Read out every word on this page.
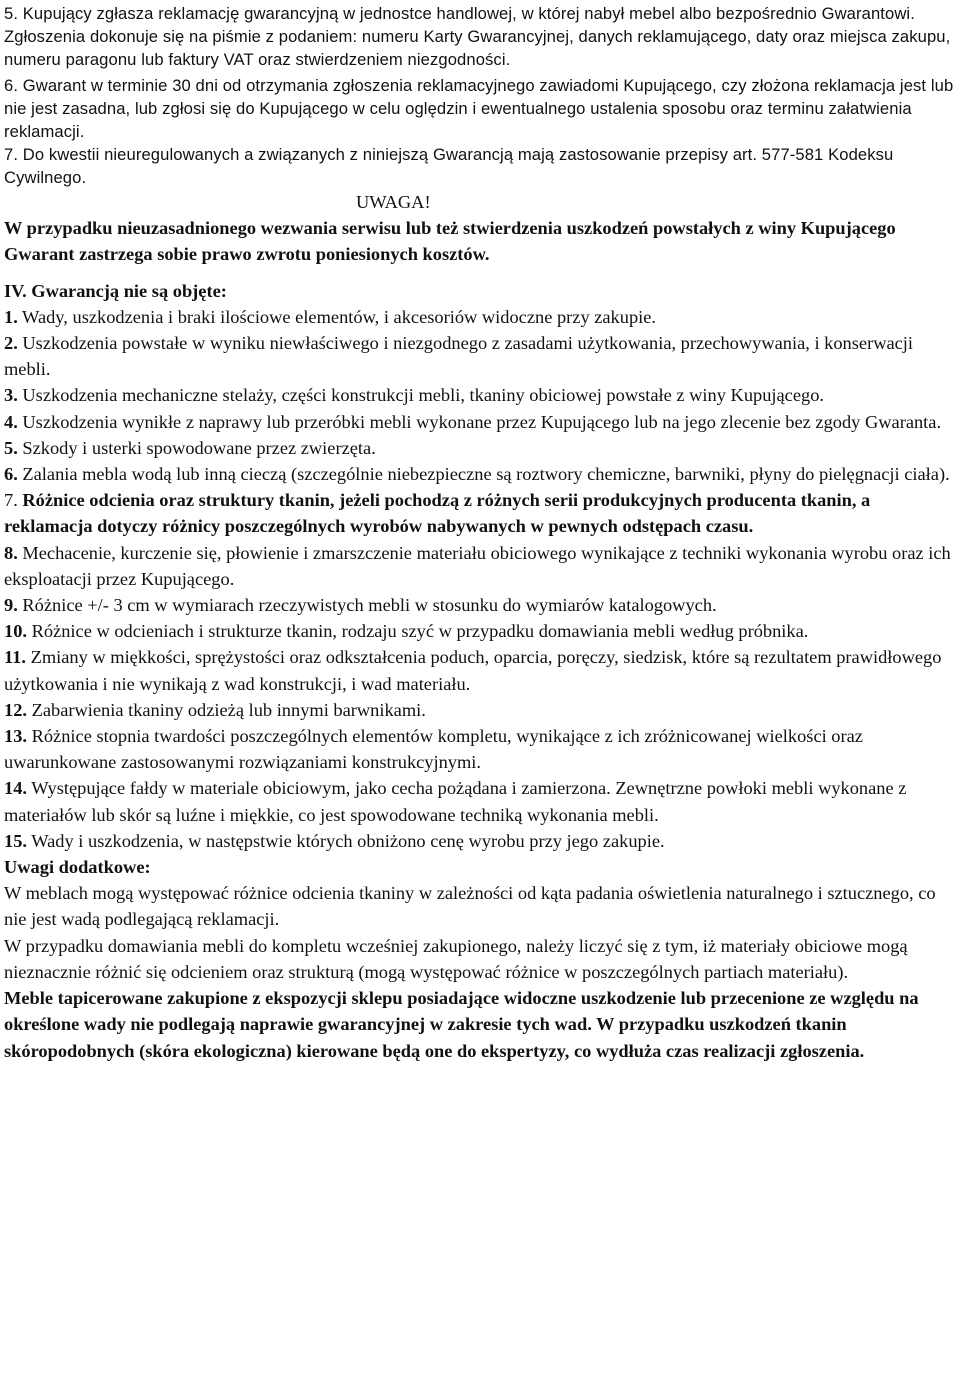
5. Kupujący zgłasza reklamację gwarancyjną w jednostce handlowej, w której nabył mebel albo bezpośrednio Gwarantowi. Zgłoszenia dokonuje się na piśmie z podaniem: numeru Karty Gwarancyjnej, danych reklamującego, daty oraz miejsca zakupu, numeru paragonu lub faktury VAT oraz stwierdzeniem niezgodności.

6. Gwarant w terminie 30 dni od otrzymania zgłoszenia reklamacyjnego zawiadomi Kupującego, czy złożona reklamacja jest lub nie jest zasadna, lub zgłosi się do Kupującego w celu oględzin i ewentualnego ustalenia sposobu oraz terminu załatwienia reklamacji.

7. Do kwestii nieuregulowanych a związanych z niniejszą Gwarancją mają zastosowanie przepisy art. 577-581 Kodeksu Cywilnego.

UWAGA!

W przypadku nieuzasadnionego wezwania serwisu lub też stwierdzenia uszkodzeń powstałych z winy Kupującego Gwarant zastrzega sobie prawo zwrotu poniesionych kosztów.

IV. Gwarancją nie są objęte:

1. Wady, uszkodzenia i braki ilościowe elementów, i akcesoriów widoczne przy zakupie.

2. Uszkodzenia powstałe w wyniku niewłaściwego i niezgodnego z zasadami użytkowania, przechowywania, i konserwacji mebli.

3. Uszkodzenia mechaniczne stelaży, części konstrukcji mebli, tkaniny obiciowej powstałe z winy Kupującego.

4. Uszkodzenia wynikłe z naprawy lub przeróbki mebli wykonane przez Kupującego lub na jego zlecenie bez zgody Gwaranta.

5. Szkody i usterki spowodowane przez zwierzęta.

6. Zalania mebla wodą lub inną cieczą (szczególnie niebezpieczne są roztwory chemiczne, barwniki, płyny do pielęgnacji ciała).

7. Różnice odcienia oraz struktury tkanin, jeżeli pochodzą z różnych serii produkcyjnych producenta tkanin, a reklamacja dotyczy różnicy poszczególnych wyrobów nabywanych w pewnych odstępach czasu.

8. Mechacenie, kurczenie się, płowienie i zmarszczenie materiału obiciowego wynikające z techniki wykonania wyrobu oraz ich eksploatacji przez Kupującego.

9. Różnice +/- 3 cm w wymiarach rzeczywistych mebli w stosunku do wymiarów katalogowych.

10. Różnice w odcieniach i strukturze tkanin, rodzaju szyć w przypadku domawiania mebli według próbnika.

11. Zmiany w miękkości, sprężystości oraz odkształcenia poduch, oparcia, poręczy, siedzisk, które są rezultatem prawidłowego użytkowania i nie wynikają z wad konstrukcji, i wad materiału.

12. Zabarwienia tkaniny odzieżą lub innymi barwnikami.

13. Różnice stopnia twardości poszczególnych elementów kompletu, wynikające z ich zróżnicowanej wielkości oraz uwarunkowane zastosowanymi rozwiązaniami konstrukcyjnymi.

14. Występujące fałdy w materiale obiciowym, jako cecha pożądana i zamierzona. Zewnętrzne powłoki mebli wykonane z materiałów lub skór są luźne i miękkie, co jest spowodowane techniką wykonania mebli.

15. Wady i uszkodzenia, w następstwie których obniżono cenę wyrobu przy jego zakupie.

Uwagi dodatkowe:

W meblach mogą występować różnice odcienia tkaniny w zależności od kąta padania oświetlenia naturalnego i sztucznego, co nie jest wadą podlegającą reklamacji.

W przypadku domawiania mebli do kompletu wcześniej zakupionego, należy liczyć się z tym, iż materiały obiciowe mogą nieznacznie różnić się odcieniem oraz strukturą (mogą występować różnice w poszczególnych partiach materiału).

Meble tapicerowane zakupione z ekspozycji sklepu posiadające widoczne uszkodzenie lub przecenione ze względu na określone wady nie podlegają naprawie gwarancyjnej w zakresie tych wad. W przypadku uszkodzeń tkanin skóropodobnych (skóra ekologiczna) kierowane będą one do ekspertyzy, co wydłuża czas realizacji zgłoszenia.
